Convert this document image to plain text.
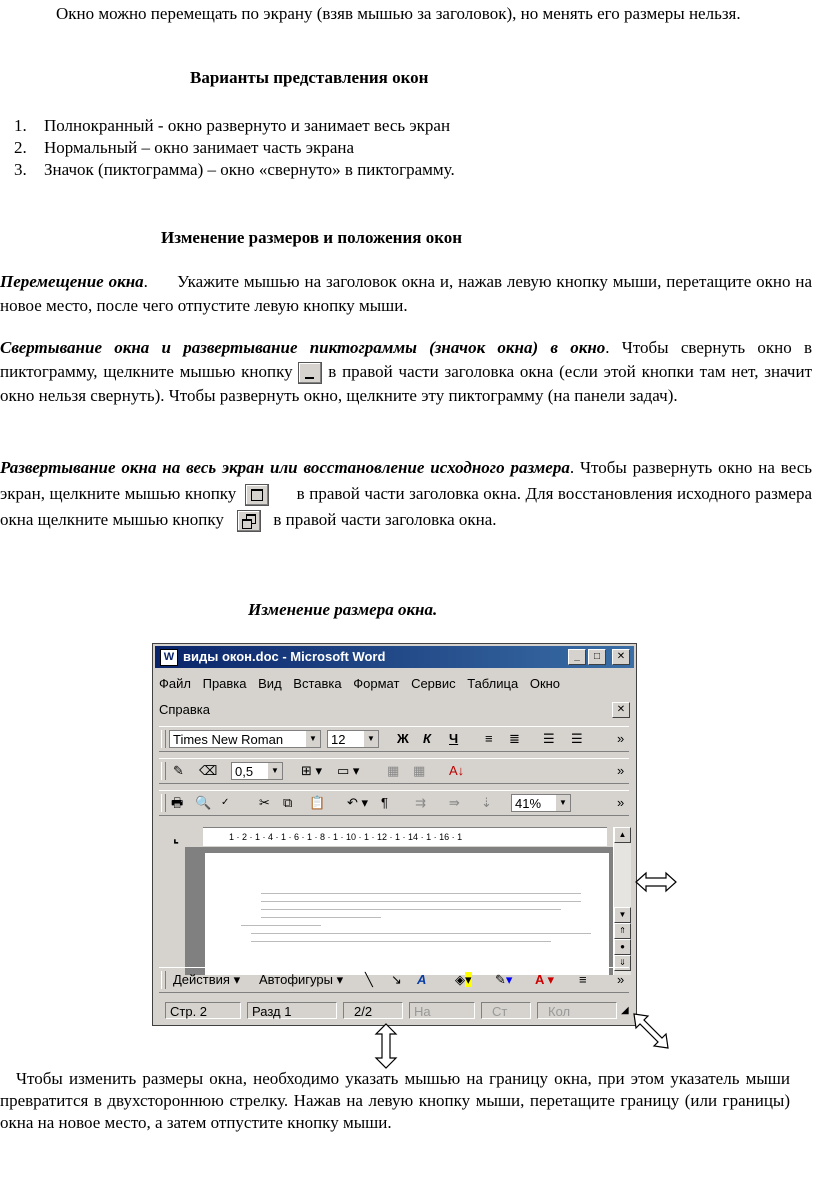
Окно можно перемещать по экрану (взяв мышью за заголовок), но менять его размеры нельзя.
Варианты представления окон
1.	Полнокранный - окно развернуто и занимает весь экран
2.	Нормальный – окно занимает часть экрана
3.	Значок (пиктограмма) – окно «свернуто» в пиктограмму.
Изменение размеров и положения окон
Перемещение окна. Укажите мышью на заголовок окна и, нажав левую кнопку мыши, перетащите окно на новое место, после чего отпустите левую кнопку мыши.
Свертывание окна и развертывание пиктограммы (значок окна) в окно. Чтобы свернуть окно в пиктограмму, щелкните мышью кнопку в правой части заголовка окна (если этой кнопки там нет, значит окно нельзя свернуть). Чтобы развернуть окно, щелкните эту пиктограмму (на панели задач).
Развертывание окна на весь экран или восстановление исходного размера. Чтобы развернуть окно на весь экран, щелкните мышью кнопку	в правой части заголовка окна. Для восстановления исходного размера окна щелкните мышью кнопку	в правой части заголовка окна.
Изменение размера окна.
W виды окон.doc - Microsoft Word	_	□	✕
Файл Правка Вид Вставка Формат Сервис Таблица Окно
Справка	✕
Times New Roman	▼	12	▼ Ж К Ч ≡ ≣ ☰ ☰	»
✎ ⌫	0,5	▼ ⊞ ▾ ▭ ▾ ▦ ▦ A↓	»
🖶 🔍 ✓ ✂ ⧉ 📋 ↶ ▾ ¶ ⇉ ⇛ ⇣	41%	▼	»
⌞	1 · 2 · 1 · 4 · 1 · 6 · 1 · 8 · 1 · 10 · 1 · 12 · 1 · 14 · 1 · 16 · 1	▲
▼
⇑
●
⇓
Действия ▾ Автофигуры ▾ ╲ ↘ A ◈▾ ✎▾ A ▾ ≡ »
Стр. 2	Разд 1	2/2	На	Ст	Кол	◢
Чтобы изменить размеры окна, необходимо указать мышью на границу окна, при этом указатель мыши превратится в двухстороннюю стрелку. Нажав на левую кнопку мыши, перетащите границу (или границы) окна на новое место, а затем отпустите кнопку мыши.
